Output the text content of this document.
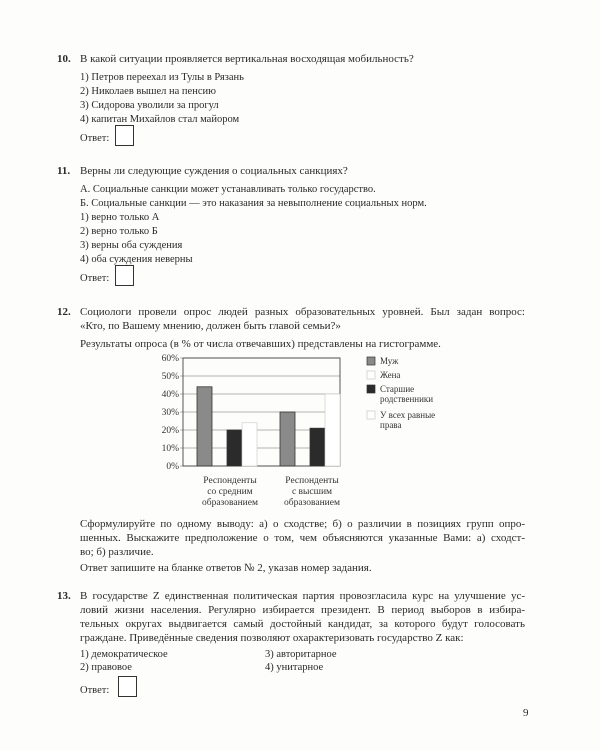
10. В какой ситуации проявляется вертикальная восходящая мобильность?
1) Петров переехал из Тулы в Рязань
2) Николаев вышел на пенсию
3) Сидорова уволили за прогул
4) капитан Михайлов стал майором
Ответ:
11. Верны ли следующие суждения о социальных санкциях?
А. Социальные санкции может устанавливать только государство.
Б. Социальные санкции — это наказания за невыполнение социальных норм.
1) верно только А
2) верно только Б
3) верны оба суждения
4) оба суждения неверны
Ответ:
12. Социологи провели опрос людей разных образовательных уровней. Был задан вопрос:
«Кто, по Вашему мнению, должен быть главой семьи?»
Результаты опроса (в % от числа отвечавших) представлены на гистограмме.
60%
50%
40%
30%
20%
10%
0%
Респонденты
со средним
образованием
Респонденты
с высшим
образованием
Муж
Жена
Старшие
родственники
У всех равные
права
Сформулируйте по одному выводу: а) о сходстве; б) о различии в позициях групп опро-
шенных. Выскажите предположение о том, чем объясняются указанные Вами: а) сходст-
во; б) различие.
Ответ запишите на бланке ответов № 2, указав номер задания.
13. В государстве Z единственная политическая партия провозгласила курс на улучшение ус-
ловий жизни населения. Регулярно избирается президент. В период выборов в избира-
тельных округах выдвигается самый достойный кандидат, за которого будут голосовать
граждане. Приведённые сведения позволяют охарактеризовать государство Z как:
1) демократическое
2) правовое
3) авторитарное
4) унитарное
Ответ:
9
